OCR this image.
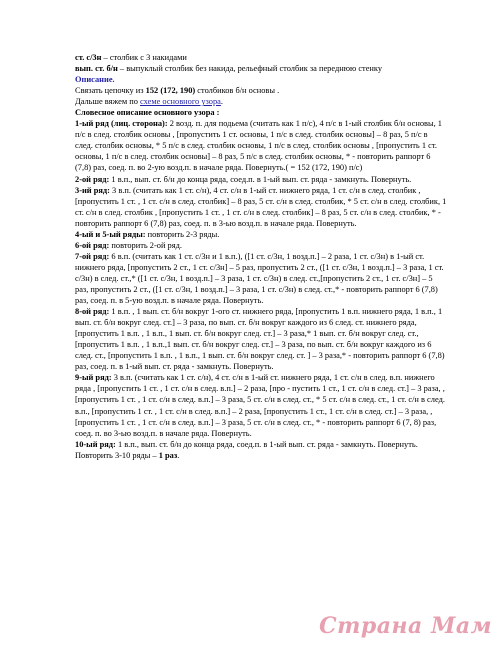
ст. с/3н – столбик с 3 накидами

вып. ст. б/н – выпуклый столбик без накида, рельефный столбик за переднюю стенку

Описание.

Связать цепочку из 152 (172, 190) столбиков б/н основы .

Дальше вяжем по схеме основного узора.

Словесное описание основного узора :

1-ый ряд (лиц. сторона): 2 возд. п. для подьема (считать как 1 п/с), 4 п/с в 1-ый столбик б/н основы, 1 п/с в след. столбик основы , [пропустить 1 ст. основы, 1 п/с в след. столбик основы] – 8 раз, 5 п/с в след. столбик основы, * 5 п/с в след. столбик основы, 1 п/с в след. столбик основы , [пропустить 1 ст. основы, 1 п/с в след. столбик основы] – 8 раз, 5 п/с в след. столбик основы, * - повторить раппорт 6 (7,8) раз, соед. п. во 2-ую возд.п. в начале ряда. Повернуть.( = 152 (172, 190) п/с)

2-ой ряд: 1 в.п., вып. ст. б/н до конца ряда, соед.п. в 1-ый вып. ст. ряда - замкнуть. Повернуть.

3-ий ряд: 3 в.п. (считать как 1 ст. с/н), 4 ст. с/н в 1-ый ст. нижнего ряда, 1 ст. с/н в след. столбик , [пропустить 1 ст. , 1 ст. с/н в след. столбик] – 8 раз, 5 ст. с/н в след. столбик, * 5 ст. с/н в след. столбик, 1 ст. с/н в след. столбик , [пропустить 1 ст. , 1 ст. с/н в след. столбик] – 8 раз, 5 ст. с/н в след. столбик, * - повторить раппорт 6 (7,8) раз, соед. п. в 3-ью возд.п. в начале ряда. Повернуть.

4-ый и 5-ый ряды: повторить 2-3 ряды.

6-ой ряд: повторить 2-ой ряд.

7-ой ряд: 6 в.п. (считать как 1 ст. с/3н и 1 в.п.), ([1 ст. с/3н, 1 возд.п.] – 2 раза, 1 ст. с/3н) в 1-ый ст. нижнего ряда, [пропустить 2 ст., 1 ст. с/3н] – 5 раз, пропустить 2 ст., ([1 ст. с/3н, 1 возд.п.] – 3 раза, 1 ст. с/3н) в след. ст.,* ([1 ст. с/3н, 1 возд.п.] – 3 раза, 1 ст. с/3н) в след. ст.,[пропустить 2 ст., 1 ст. с/3н] – 5 раз, пропустить 2 ст., ([1 ст. с/3н, 1 возд.п.] – 3 раза, 1 ст. с/3н) в след. ст.,* - повторить раппорт 6 (7,8) раз, соед. п. в 5-ую возд.п. в начале ряда. Повернуть.

8-ой ряд: 1 в.п. , 1 вып. ст. б/н вокруг 1-ого ст. нижнего ряда, [пропустить 1 в.п. нижнего ряда, 1 в.п., 1 вып. ст. б/н вокруг след. ст.] – 3 раза, по вып. ст. б/н вокруг каждого из 6 след. ст. нижнего ряда, [пропустить 1 в.п. , 1 в.п., 1 вып. ст. б/н вокруг след. ст.] – 3 раза,* 1 вып. ст. б/н вокруг след. ст., [пропустить 1 в.п. , 1 в.п.,1 вып. ст. б/н вокруг след. ст.] – 3 раза, по вып. ст. б/н вокруг каждого из 6 след. ст., [пропустить 1 в.п. , 1 в.п., 1 вып. ст. б/н вокруг след. ст. ] – 3 раза,* - повторить раппорт 6 (7,8) раз, соед. п. в 1-ый вып. ст. ряда - замкнуть. Повернуть.

9-ый ряд: 3 в.п. (считать как 1 ст. с/н), 4 ст. с/н в 1-ый ст. нижнего ряда, 1 ст. с/н в след. в.п. нижнего ряда , [пропустить 1 ст. , 1 ст. с/н в след. в.п.] – 2 раза, [про - пустить 1 ст., 1 ст. с/н в след. ст.] – 3 раза, , [пропустить 1 ст. , 1 ст. с/н в след. в.п.] – 3 раза, 5 ст. с/н в след. ст., * 5 ст. с/н в след. ст., 1 ст. с/н в след. в.п., [пропустить 1 ст. , 1 ст. с/н в след. в.п.] – 2 раза, [пропустить 1 ст., 1 ст. с/н в след. ст.] – 3 раза, , [пропустить 1 ст. , 1 ст. с/н в след. в.п.] – 3 раза, 5 ст. с/н в след. ст., * - повторить раппорт 6 (7, 8) раз, соед. п. во 3-ью возд.п. в начале ряда. Повернуть.

10-ый ряд: 1 в.п., вып. ст. б/н до конца ряда, соед.п. в 1-ый вып. ст. ряда - замкнуть. Повернуть.

Повторить 3-10 ряды – 1 раз.

Страна Мам
